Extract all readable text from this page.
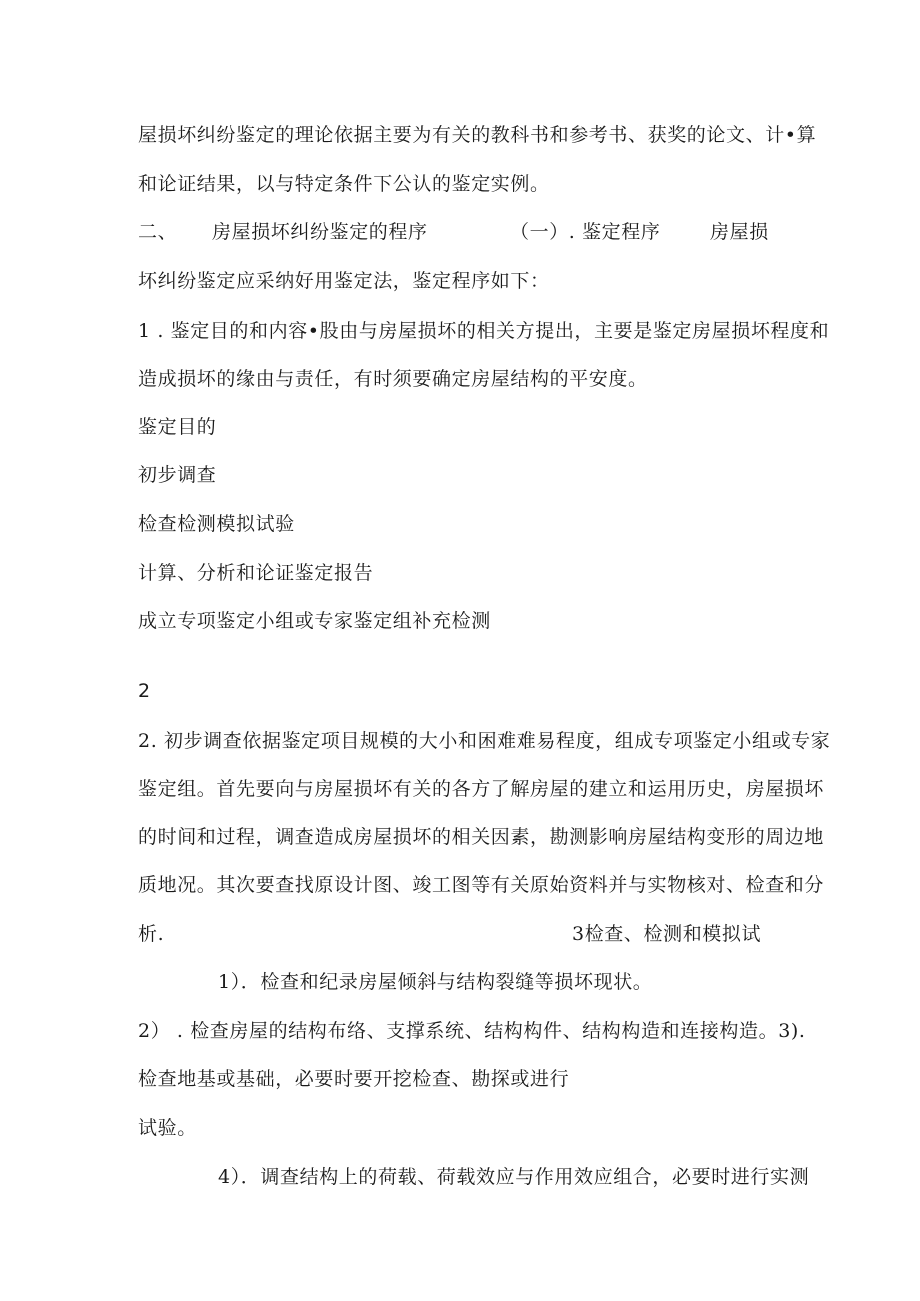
屋损坏纠纷鉴定的理论依据主要为有关的教科书和参考书、获奖的论文、计•算
和论证结果，以与特定条件下公认的鉴定实例。
二、 房屋损坏纠纷鉴定的程序	（一）. 鉴定程序	房屋损
坏纠纷鉴定应采纳好用鉴定法，鉴定程序如下：
1 . 鉴定目的和内容•股由与房屋损坏的相关方提出，主要是鉴定房屋损坏程度和
造成损坏的缘由与责任，有时须要确定房屋结构的平安度。
鉴定目的
初步调查
检查检测模拟试验
计算、分析和论证鉴定报告
成立专项鉴定小组或专家鉴定组补充检测
2
2. 初步调查依据鉴定项目规模的大小和困难难易程度，组成专项鉴定小组或专家
鉴定组。首先要向与房屋损坏有关的各方了解房屋的建立和运用历史，房屋损坏
的时间和过程，调查造成房屋损坏的相关因素，勘测影响房屋结构变形的周边地
质地况。其次要查找原设计图、竣工图等有关原始资料并与实物核对、检查和分
析.	3检查、检测和模拟试
1）．检查和纪录房屋倾斜与结构裂缝等损坏现状。
2） . 检查房屋的结构布络、支撑系统、结构构件、结构构造和连接构造。3).
检查地基或基础，必要时要开挖检查、勘探或进行
试验。
4）．调查结构上的荷载、荷载效应与作用效应组合，必要时进行实测
